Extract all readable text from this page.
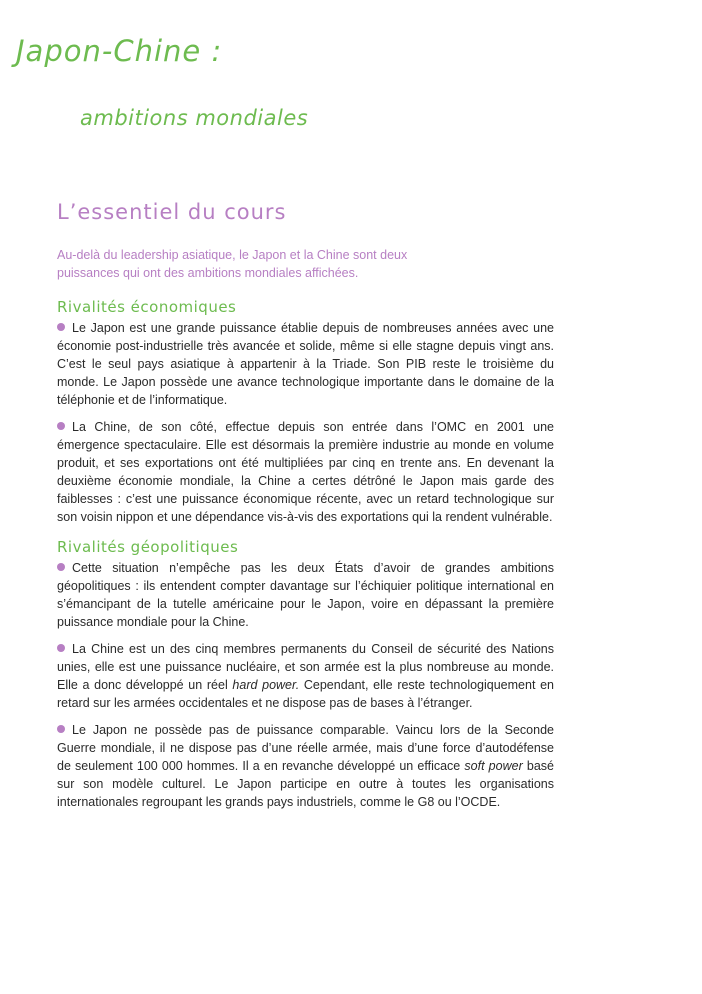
Japon-Chine :
ambitions mondiales
L’essentiel du cours

Au-delà du leadership asiatique, le Japon et la Chine sont deux puissances qui ont des ambitions mondiales affichées.

Rivalités économiques

Le Japon est une grande puissance établie depuis de nombreuses années avec une économie post-industrielle très avancée et solide, même si elle stagne depuis vingt ans. C’est le seul pays asiatique à appartenir à la Triade. Son PIB reste le troisième du monde. Le Japon possède une avance technologique importante dans le domaine de la téléphonie et de l’informatique.

La Chine, de son côté, effectue depuis son entrée dans l’OMC en 2001 une émergence spectaculaire. Elle est désormais la première industrie au monde en volume produit, et ses exportations ont été multipliées par cinq en trente ans. En devenant la deuxième économie mondiale, la Chine a certes détrôné le Japon mais garde des faiblesses : c’est une puissance économique récente, avec un retard technologique sur son voisin nippon et une dépendance vis-à-vis des exportations qui la rendent vulnérable.

Rivalités géopolitiques

Cette situation n’empêche pas les deux États d’avoir de grandes ambitions géopolitiques : ils entendent compter davantage sur l’échiquier politique international en s’émancipant de la tutelle américaine pour le Japon, voire en dépassant la première puissance mondiale pour la Chine.

La Chine est un des cinq membres permanents du Conseil de sécurité des Nations unies, elle est une puissance nucléaire, et son armée est la plus nombreuse au monde. Elle a donc développé un réel hard power. Cependant, elle reste technologiquement en retard sur les armées occidentales et ne dispose pas de bases à l’étranger.

Le Japon ne possède pas de puissance comparable. Vaincu lors de la Seconde Guerre mondiale, il ne dispose pas d’une réelle armée, mais d’une force d’autodéfense de seulement 100 000 hommes. Il a en revanche développé un efficace soft power basé sur son modèle culturel. Le Japon participe en outre à toutes les organisations internationales regroupant les grands pays industriels, comme le G8 ou l’OCDE.
